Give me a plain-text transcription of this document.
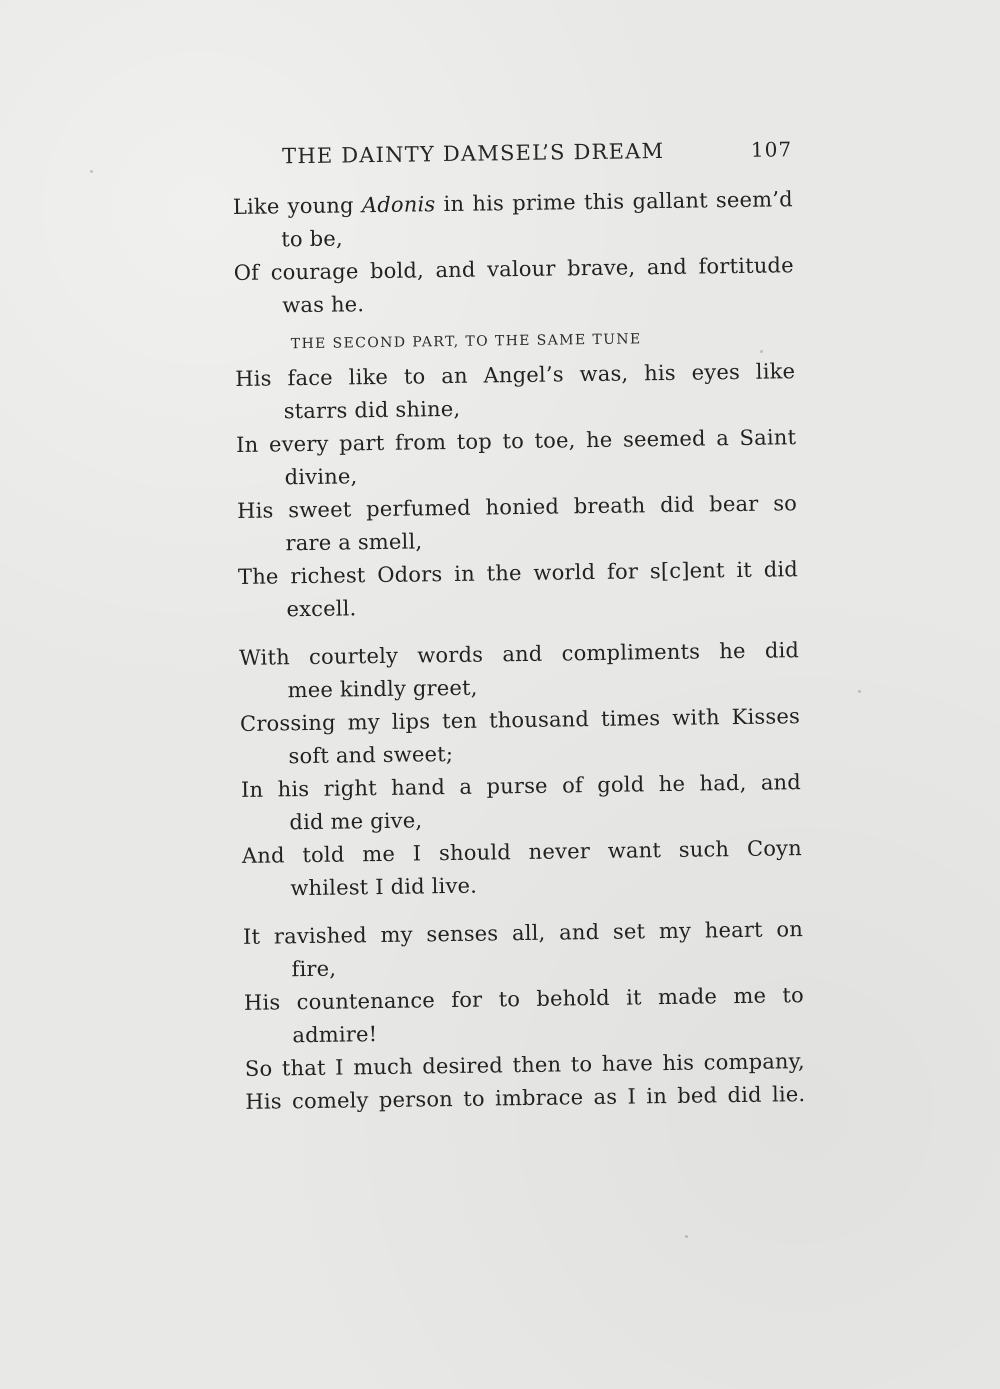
THE DAINTY DAMSEL’S DREAM	107
Like young Adonis in his prime this gallant seem’d
to be,
Of courage bold, and valour brave, and fortitude
was he.
THE SECOND PART, TO THE SAME TUNE
His face like to an Angel’s was, his eyes like
starrs did shine,
In every part from top to toe, he seemed a Saint
divine,
His sweet perfumed honied breath did bear so
rare a smell,
The richest Odors in the world for s[c]ent it did
excell.
With courtely words and compliments he did
mee kindly greet,
Crossing my lips ten thousand times with Kisses
soft and sweet;
In his right hand a purse of gold he had, and
did me give,
And told me I should never want such Coyn
whilest I did live.
It ravished my senses all, and set my heart on
fire,
His countenance for to behold it made me to
admire!
So that I much desired then to have his company,
His comely person to imbrace as I in bed did lie.
